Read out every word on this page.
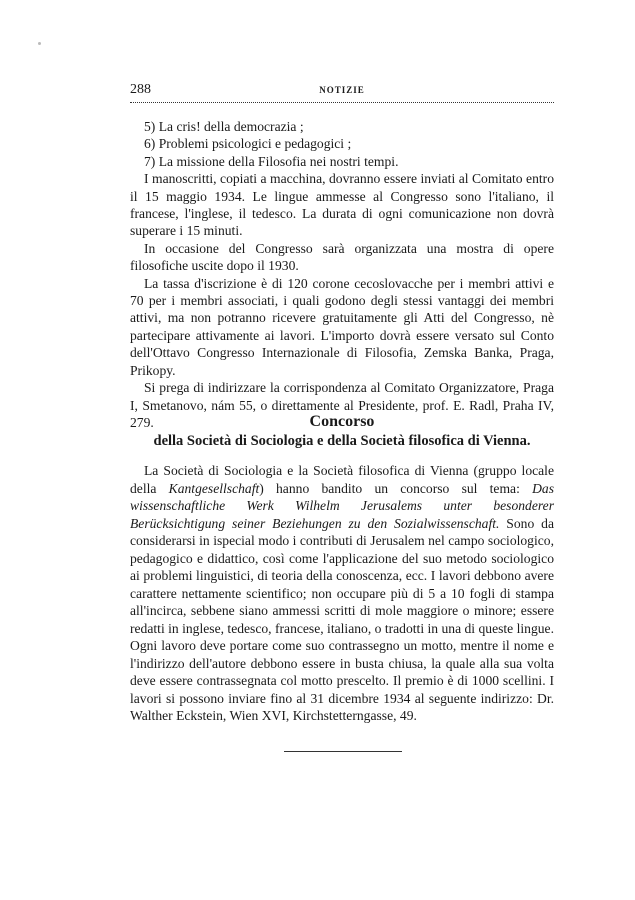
288	NOTIZIE
5) La cris! della democrazia ;
6) Problemi psicologici e pedagogici ;
7) La missione della Filosofia nei nostri tempi.

I manoscritti, copiati a macchina, dovranno essere inviati al Comitato entro il 15 maggio 1934. Le lingue ammesse al Congresso sono l'italiano, il francese, l'inglese, il tedesco. La durata di ogni comunicazione non dovrà superare i 15 minuti.

In occasione del Congresso sarà organizzata una mostra di opere filosofiche uscite dopo il 1930.

La tassa d'iscrizione è di 120 corone cecoslovacche per i membri attivi e 70 per i membri associati, i quali godono degli stessi vantaggi dei membri attivi, ma non potranno ricevere gratuitamente gli Atti del Congresso, nè partecipare attivamente ai lavori. L'importo dovrà essere versato sul Conto dell'Ottavo Congresso Internazionale di Filosofia, Zemska Banka, Praga, Prikopy.

Si prega di indirizzare la corrispondenza al Comitato Organizzatore, Praga I, Smetanovo, nám 55, o direttamente al Presidente, prof. E. Radl, Praha IV, 279.	Concorso
della Società di Sociologia e della Società filosofica di Vienna.

La Società di Sociologia e la Società filosofica di Vienna (gruppo locale della Kantgesellschaft) hanno bandito un concorso sul tema: Das wissenschaftliche Werk Wilhelm Jerusalems unter besonderer Berücksichtigung seiner Beziehungen zu den Sozialwissenschaft. Sono da considerarsi in ispecial modo i contributi di Jerusalem nel campo sociologico, pedagogico e didattico, così come l'applicazione del suo metodo sociologico ai problemi linguistici, di teoria della conoscenza, ecc. I lavori debbono avere carattere nettamente scientifico; non occupare più di 5 a 10 fogli di stampa all'incirca, sebbene siano ammessi scritti di mole maggiore o minore; essere redatti in inglese, tedesco, francese, italiano, o tradotti in una di queste lingue. Ogni lavoro deve portare come suo contrassegno un motto, mentre il nome e l'indirizzo dell'autore debbono essere in busta chiusa, la quale alla sua volta deve essere contrassegnata col motto prescelto. Il premio è di 1000 scellini. I lavori si possono inviare fino al 31 dicembre 1934 al seguente indirizzo: Dr. Walther Eckstein, Wien XVI, Kirchstetterngasse, 49.
